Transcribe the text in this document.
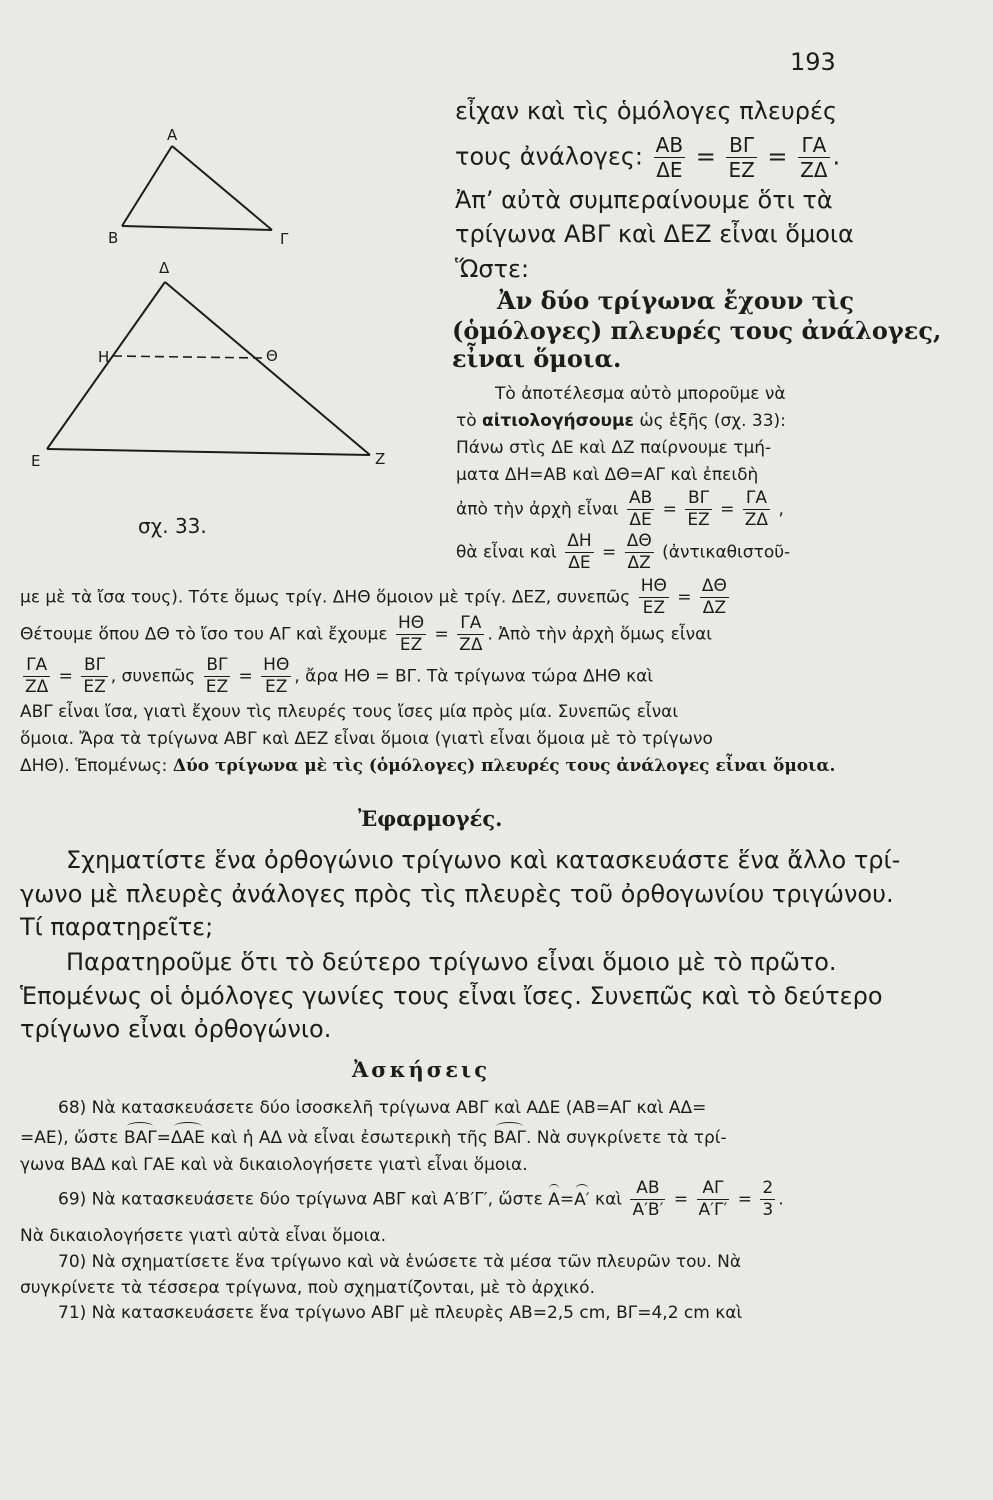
193
Α
Β	Γ
Δ
Η	Θ
Ε	Ζ
σχ. 33.
εἶχαν καὶ τὶς ὁμόλογες πλευρές
τους ἀνάλογες: $\frac{AB}{\Delta E} = \frac{B\Gamma}{EZ} = \frac{\Gamma A}{Z\Delta}$ .
Ἀπ’ αὐτὰ συμπεραίνουμε ὅτι τὰ
τρίγωνα ΑΒΓ καὶ ΔΕΖ εἶναι ὅμοια
Ὥστε:
Ἀν δύο τρίγωνα ἔχουν τὶς
(ὁμόλογες) πλευρές τους ἀνάλογες,
εἶναι ὅμοια.
Τὸ ἀποτέλεσμα αὐτὸ μποροῦμε νὰ
τὸ αἰτιολογήσουμε ὡς ἑξῆς (σχ. 33):
Πάνω στὶς ΔΕ καὶ ΔΖ παίρνουμε τμή-
ματα ΔΗ=ΑΒ καὶ ΔΘ=ΑΓ καὶ ἐπειδὴ
ἀπὸ τὴν ἀρχὴ εἶναι $\frac{AB}{\Delta E} = \frac{B\Gamma}{EZ} = \frac{\Gamma A}{Z\Delta}$ ,
θὰ εἶναι καὶ $\frac{\Delta H}{\Delta E} = \frac{\Delta\Theta}{\Delta Z}$ (ἀντικαθιστοῦ-
με μὲ τὰ ἴσα τους). Τότε ὅμως τρίγ. ΔΗΘ ὅμοιον μὲ τρίγ. ΔΕΖ, συνεπῶς $\frac{H\Theta}{EZ} = \frac{\Delta\Theta}{\Delta Z}$
Θέτουμε ὅπου ΔΘ τὸ ἴσο του ΑΓ καὶ ἔχουμε $\frac{H\Theta}{EZ} = \frac{\Gamma A}{Z\Delta}$ . Ἀπὸ τὴν ἀρχὴ ὅμως εἶναι
$\frac{\Gamma A}{Z\Delta} = \frac{B\Gamma}{EZ}$ , συνεπῶς $\frac{B\Gamma}{EZ} = \frac{H\Theta}{EZ}$ , ἄρα ΗΘ = ΒΓ. Τὰ τρίγωνα τώρα ΔΗΘ καὶ
ΑΒΓ εἶναι ἴσα, γιατὶ ἔχουν τὶς πλευρές τους ἴσες μία πρὸς μία. Συνεπῶς εἶναι
ὅμοια. Ἄρα τὰ τρίγωνα ΑΒΓ καὶ ΔΕΖ εἶναι ὅμοια (γιατὶ εἶναι ὅμοια μὲ τὸ τρίγωνο
ΔΗΘ). Ἑπομένως: Δύο τρίγωνα μὲ τὶς (ὁμόλογες) πλευρές τους ἀνάλογες εἶναι ὅμοια.
Ἐφαρμογές.
Σχηματίστε ἕνα ὀρθογώνιο τρίγωνο καὶ κατασκευάστε ἕνα ἄλλο τρί-
γωνο μὲ πλευρὲς ἀνάλογες πρὸς τὶς πλευρὲς τοῦ ὀρθογωνίου τριγώνου.
Τί παρατηρεῖτε;
Παρατηροῦμε ὅτι τὸ δεύτερο τρίγωνο εἶναι ὅμοιο μὲ τὸ πρῶτο.
Ἑπομένως οἱ ὁμόλογες γωνίες τους εἶναι ἴσες. Συνεπῶς καὶ τὸ δεύτερο
τρίγωνο εἶναι ὀρθογώνιο.
Ἀσκήσεις
68) Νὰ κατασκευάσετε δύο ἰσοσκελῆ τρίγωνα ΑΒΓ καὶ ΑΔΕ (ΑΒ=ΑΓ καὶ ΑΔ=
=ΑΕ), ὥστε ΒΑΓ=ΔΑΕ καὶ ἡ ΑΔ νὰ εἶναι ἐσωτερικὴ τῆς ΒΑΓ. Νὰ συγκρίνετε τὰ τρί-
γωνα ΒΑΔ καὶ ΓΑΕ καὶ νὰ δικαιολογήσετε γιατὶ εἶναι ὅμοια.
69) Νὰ κατασκευάσετε δύο τρίγωνα ΑΒΓ καὶ Α′Β′Γ′, ὥστε Α=Α′ καὶ $\frac{AB}{A'B'} = \frac{A\Gamma}{A'\Gamma'} = \frac{2}{3}$ .
Νὰ δικαιολογήσετε γιατὶ αὐτὰ εἶναι ὅμοια.
70) Νὰ σχηματίσετε ἕνα τρίγωνο καὶ νὰ ἑνώσετε τὰ μέσα τῶν πλευρῶν του. Νὰ
συγκρίνετε τὰ τέσσερα τρίγωνα, ποὺ σχηματίζονται, μὲ τὸ ἀρχικό.
71) Νὰ κατασκευάσετε ἕνα τρίγωνο ΑΒΓ μὲ πλευρὲς ΑΒ=2,5 cm, ΒΓ=4,2 cm καὶ
